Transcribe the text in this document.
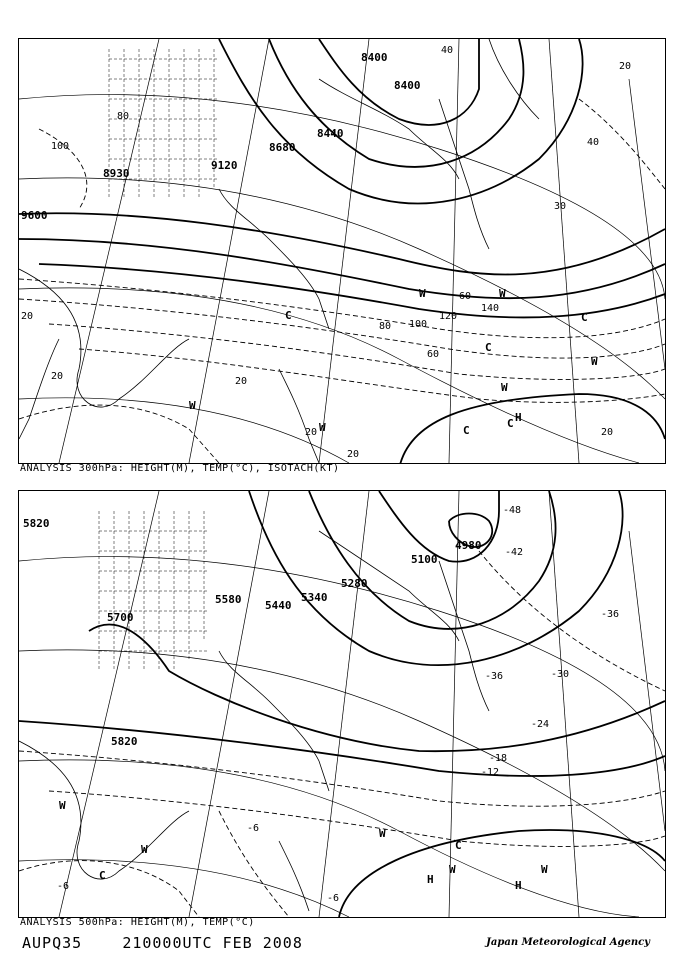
8400
8400
8440
8680
9120
8930
9600
60
80 100
120
140
60
80
100	40
40
30
20
20
20	20
20
20
20
W
C
C
W
C
C H
W
W
W
W
C
ANALYSIS 300hPa: HEIGHT(M), TEMP(°C), ISOTACH(KT)
5820
5700
5580 5440
5340
5280
5100
4980
5820
-48
-42
-36
-36	-30
-24
-18
-12
-6
-6
-6
W
C
W
H
W
H
W
C
W
ANALYSIS 500hPa: HEIGHT(M), TEMP(°C)
AUPQ35	210000UTC FEB 2008	Japan Meteorological Agency
